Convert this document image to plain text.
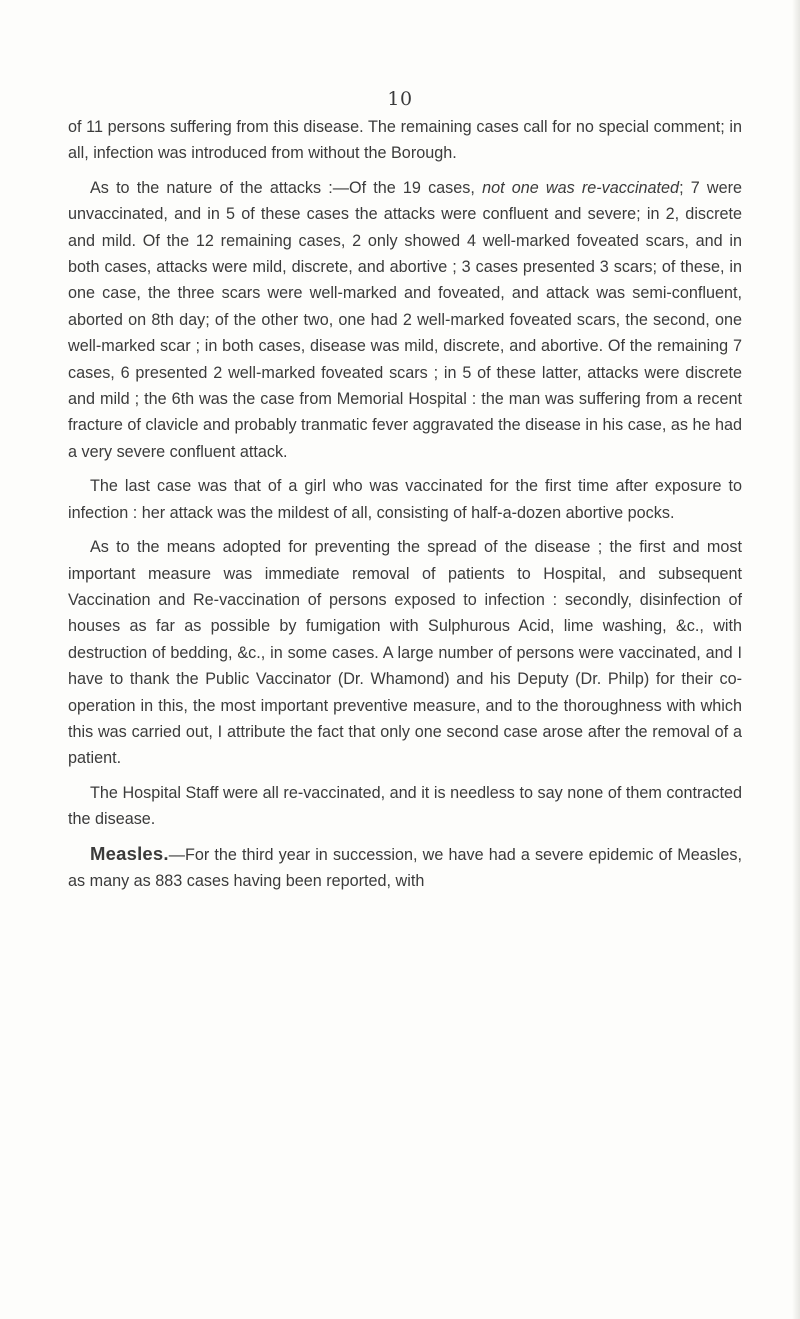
10

of 11 persons suffering from this disease. The remaining cases call for no special comment; in all, infection was introduced from without the Borough.

As to the nature of the attacks :—Of the 19 cases, not one was re-vaccinated; 7 were unvaccinated, and in 5 of these cases the attacks were confluent and severe; in 2, discrete and mild. Of the 12 remaining cases, 2 only showed 4 well-marked foveated scars, and in both cases, attacks were mild, discrete, and abortive ; 3 cases presented 3 scars; of these, in one case, the three scars were well-marked and foveated, and attack was semi-confluent, aborted on 8th day; of the other two, one had 2 well-marked foveated scars, the second, one well-marked scar ; in both cases, disease was mild, discrete, and abortive. Of the remaining 7 cases, 6 presented 2 well-marked foveated scars ; in 5 of these latter, attacks were discrete and mild ; the 6th was the case from Memorial Hospital : the man was suffering from a recent fracture of clavicle and probably tranmatic fever aggravated the disease in his case, as he had a very severe confluent attack.

The last case was that of a girl who was vaccinated for the first time after exposure to infection : her attack was the mildest of all, consisting of half-a-dozen abortive pocks.

As to the means adopted for preventing the spread of the disease ; the first and most important measure was immediate removal of patients to Hospital, and subsequent Vaccination and Re-vaccination of persons exposed to infection : secondly, disinfection of houses as far as possible by fumigation with Sulphurous Acid, lime washing, &c., with destruction of bedding, &c., in some cases. A large number of persons were vaccinated, and I have to thank the Public Vaccinator (Dr. Whamond) and his Deputy (Dr. Philp) for their co-operation in this, the most important preventive measure, and to the thoroughness with which this was carried out, I attribute the fact that only one second case arose after the removal of a patient.

The Hospital Staff were all re-vaccinated, and it is needless to say none of them contracted the disease.

Measles.—For the third year in succession, we have had a severe epidemic of Measles, as many as 883 cases having been reported, with
